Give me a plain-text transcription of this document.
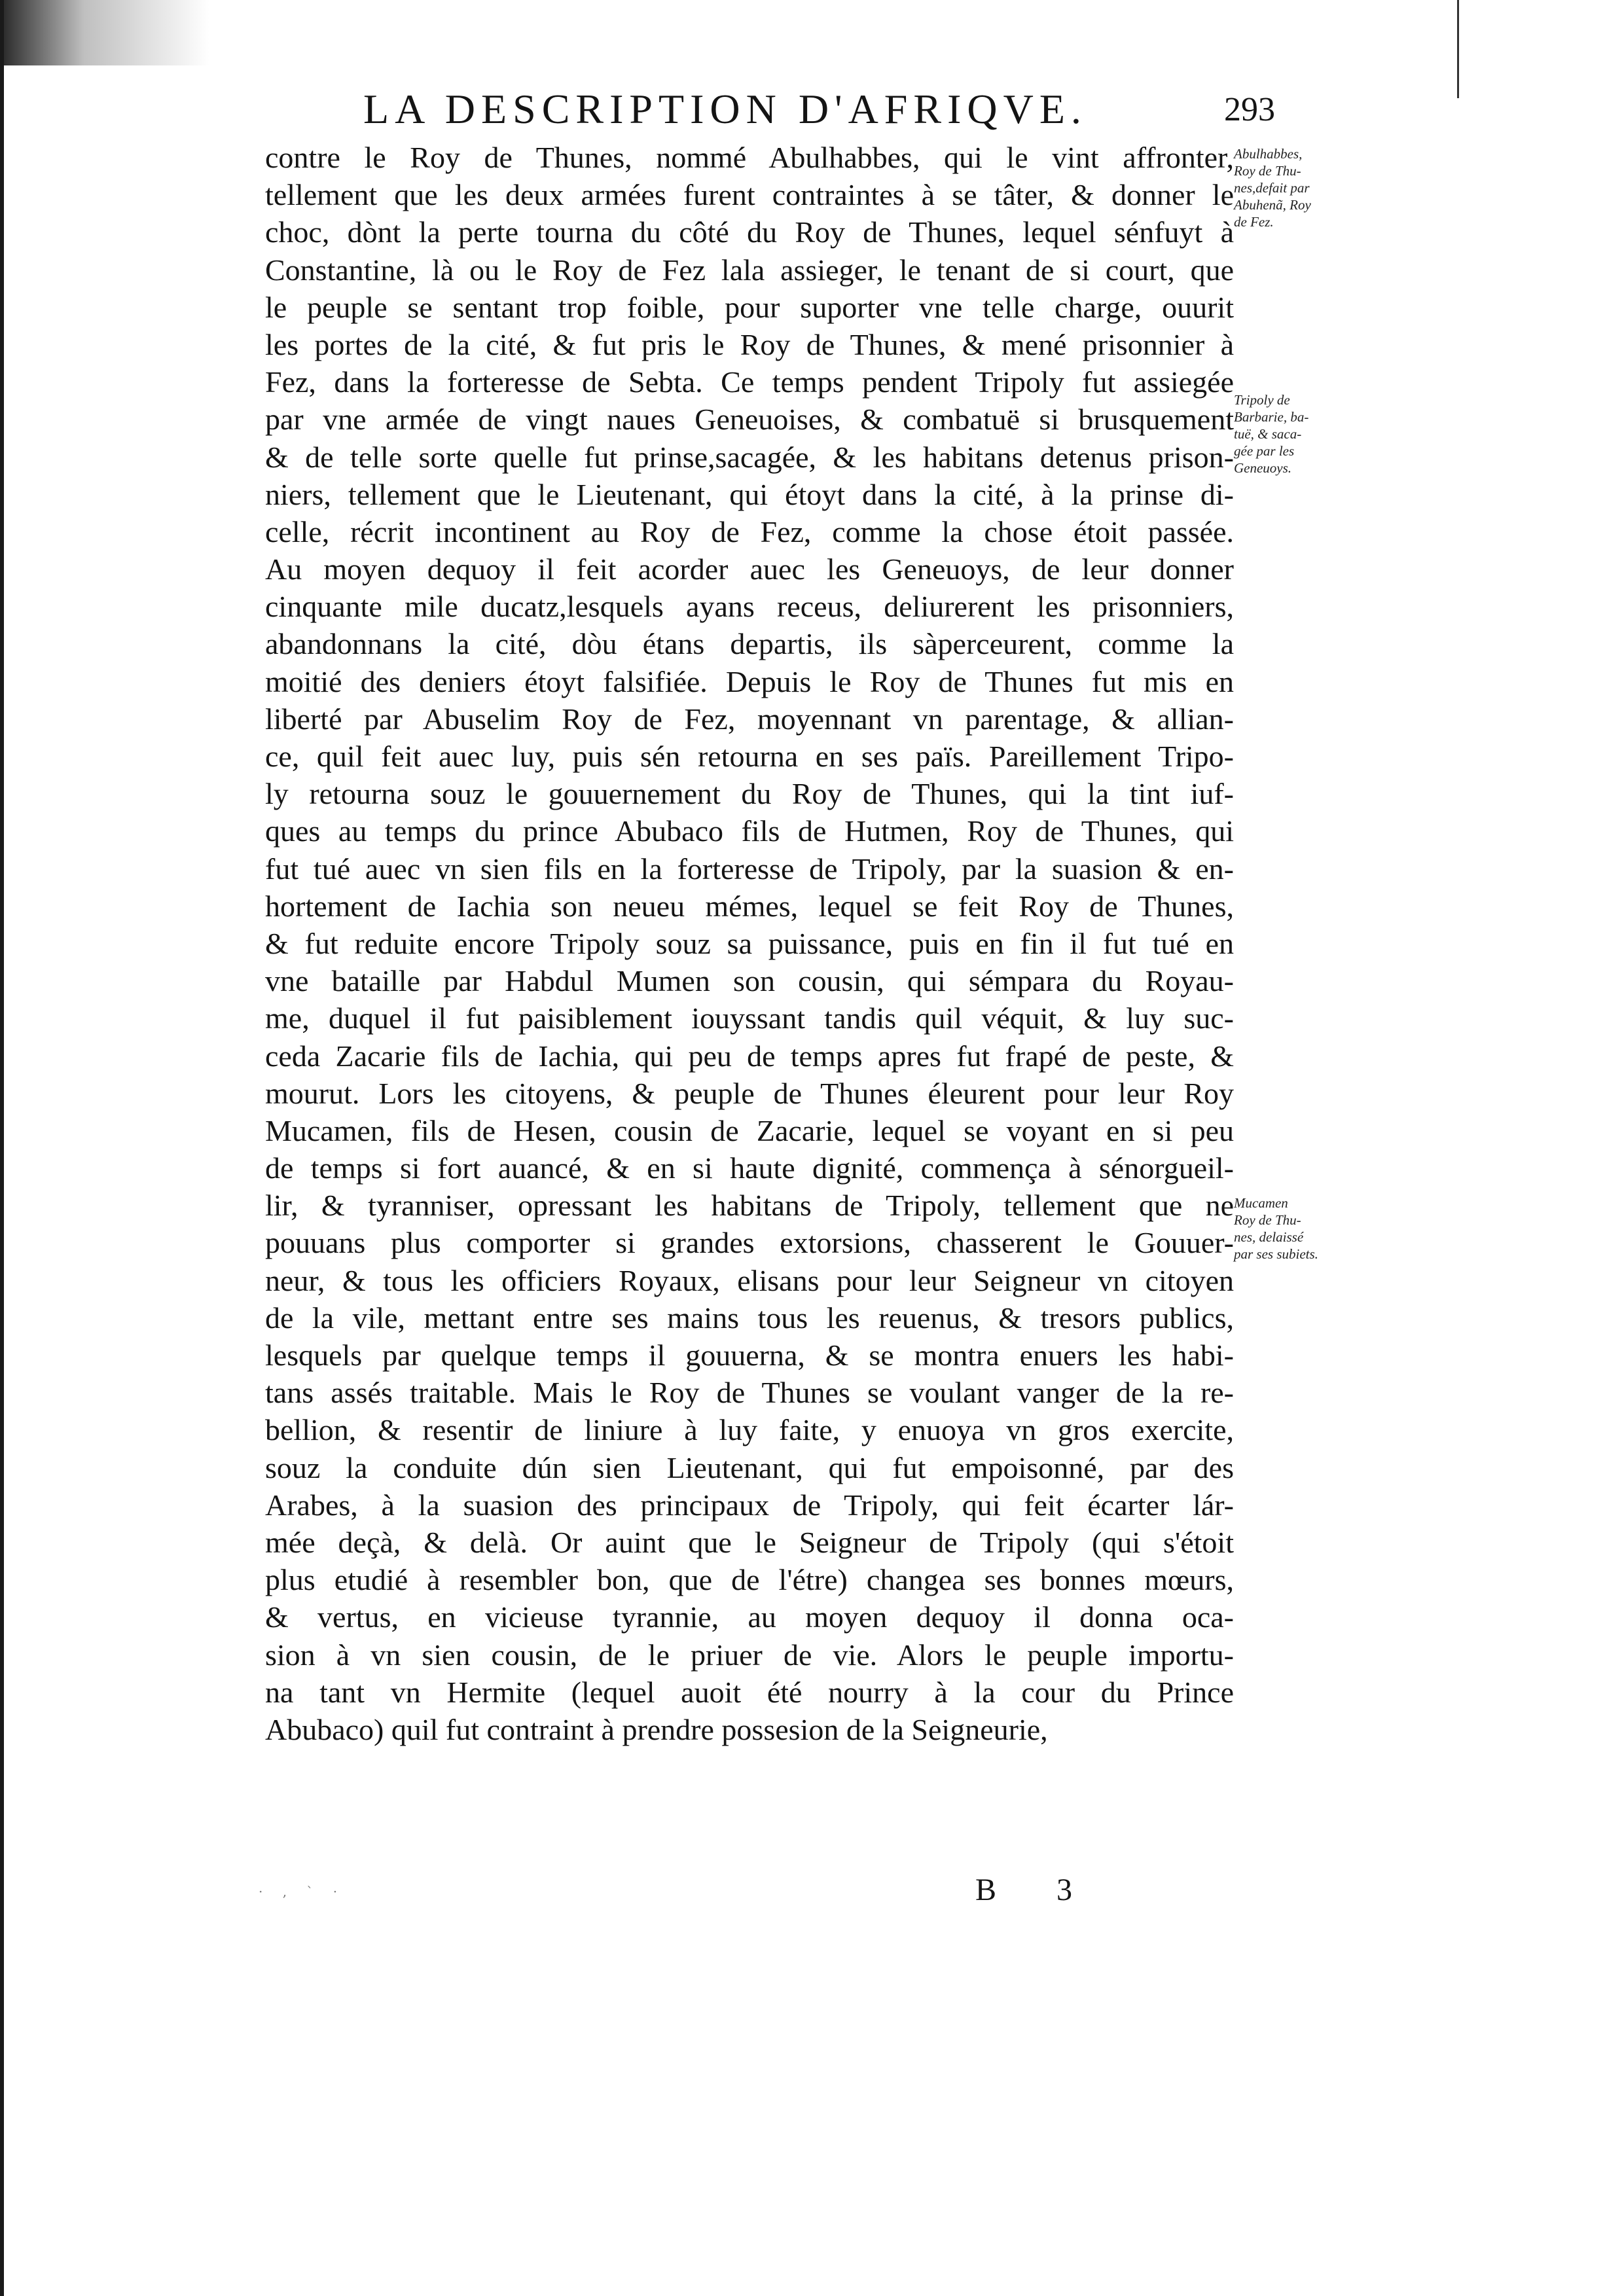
LA DESCRIPTION D'AFRIQVE.	293
contre le Roy de Thunes, nommé Abulhabbes, qui le vint affronter,
tellement que les deux armées furent contraintes à se tâter, & donner le
choc, dònt la perte tourna du côté du Roy de Thunes, lequel sénfuyt à
Constantine, là ou le Roy de Fez lala assieger, le tenant de si court, que
le peuple se sentant trop foible, pour suporter vne telle charge, ouurit
les portes de la cité, & fut pris le Roy de Thunes, & mené prisonnier à
Fez, dans la forteresse de Sebta. Ce temps pendent Tripoly fut assiegée
par vne armée de vingt naues Geneuoises, & combatuë si brusquement
& de telle sorte quelle fut prinse,sacagée, & les habitans detenus prison-
niers, tellement que le Lieutenant, qui étoyt dans la cité, à la prinse di-
celle, récrit incontinent au Roy de Fez, comme la chose étoit passée.
Au moyen dequoy il feit acorder auec les Geneuoys, de leur donner
cinquante mile ducatz,lesquels ayans receus, deliurerent les prisonniers,
abandonnans la cité, dòu étans departis, ils sàperceurent, comme la
moitié des deniers étoyt falsifiée. Depuis le Roy de Thunes fut mis en
liberté par Abuselim Roy de Fez, moyennant vn parentage, & allian-
ce, quil feit auec luy, puis sén retourna en ses païs. Pareillement Tripo-
ly retourna souz le gouuernement du Roy de Thunes, qui la tint iuf-
ques au temps du prince Abubaco fils de Hutmen, Roy de Thunes, qui
fut tué auec vn sien fils en la forteresse de Tripoly, par la suasion & en-
hortement de Iachia son neueu mémes, lequel se feit Roy de Thunes,
& fut reduite encore Tripoly souz sa puissance, puis en fin il fut tué en
vne bataille par Habdul Mumen son cousin, qui sémpara du Royau-
me, duquel il fut paisiblement iouyssant tandis quil véquit, & luy suc-
ceda Zacarie fils de Iachia, qui peu de temps apres fut frapé de peste, &
mourut. Lors les citoyens, & peuple de Thunes éleurent pour leur Roy
Mucamen, fils de Hesen, cousin de Zacarie, lequel se voyant en si peu
de temps si fort auancé, & en si haute dignité, commença à sénorgueil-
lir, & tyranniser, opressant les habitans de Tripoly, tellement que ne
pouuans plus comporter si grandes extorsions, chasserent le Gouuer-
neur, & tous les officiers Royaux, elisans pour leur Seigneur vn citoyen
de la vile, mettant entre ses mains tous les reuenus, & tresors publics,
lesquels par quelque temps il gouuerna, & se montra enuers les habi-
tans assés traitable. Mais le Roy de Thunes se voulant vanger de la re-
bellion, & resentir de liniure à luy faite, y enuoya vn gros exercite,
souz la conduite dún sien Lieutenant, qui fut empoisonné, par des
Arabes, à la suasion des principaux de Tripoly, qui feit écarter lár-
mée deçà, & delà. Or auint que le Seigneur de Tripoly (qui s'étoit
plus etudié à resembler bon, que de l'étre) changea ses bonnes mœurs,
& vertus, en vicieuse tyrannie, au moyen dequoy il donna oca-
sion à vn sien cousin, de le priuer de vie. Alors le peuple importu-
na tant vn Hermite (lequel auoit été nourry à la cour du Prince
Abubaco) quil fut contraint à prendre possesion de la Seigneurie,
Abulhabbes,
Roy de Thu-
nes,defait par
Abuhenã, Roy
de Fez.
Tripoly de
Barbarie, ba-
tuë, & saca-
gée par les
Geneuoys.
Mucamen
Roy de Thu-
nes, delaissé
par ses subiets.
· , ˋ ·	B 3
